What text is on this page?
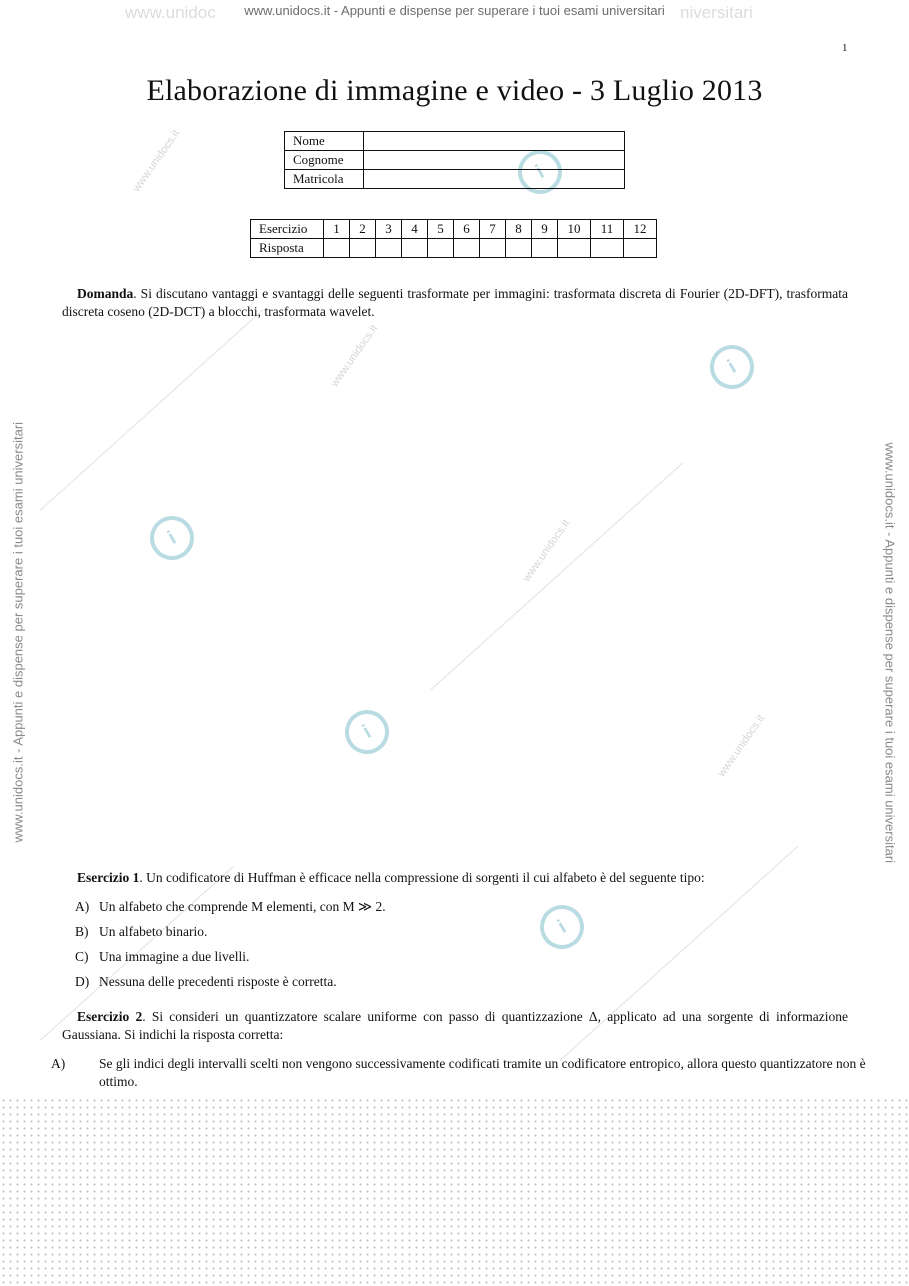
www.unidoc www.unidocs.it - Appunti e dispense per superare i tuoi esami universitari niversitari
www.unidocs.it - Appunti e dispense per superare i tuoi esami universitari	www.unidocs.it - Appunti e dispense per superare i tuoi esami universitari
www.unidocs.it
www.unidocs.it
www.unidocs.it
www.unidocs.it
i
i
i
i
i
1
Elaborazione di immagine e video - 3 Luglio 2013
Nome	
Cognome	
Matricola	
Esercizio	1	2	3	4	5	6	7	8	9	10	11	12
Risposta												

Domanda. Si discutano vantaggi e svantaggi delle seguenti trasformate per immagini: trasformata discreta di Fourier (2D-DFT), trasformata discreta coseno (2D-DCT) a blocchi, trasformata wavelet.

Esercizio 1. Un codificatore di Huffman è efficace nella compressione di sorgenti il cui alfabeto è del seguente tipo:

A) Un alfabeto che comprende M elementi, con M ≫ 2.

B) Un alfabeto binario.

C) Una immagine a due livelli.

D) Nessuna delle precedenti risposte è corretta.

Esercizio 2. Si consideri un quantizzatore scalare uniforme con passo di quantizzazione Δ, applicato ad una sorgente di informazione Gaussiana. Si indichi la risposta corretta:

A)	Se gli indici degli intervalli scelti non vengono successivamente codificati tramite un codificatore entropico, allora questo quantizzatore non è ottimo.
